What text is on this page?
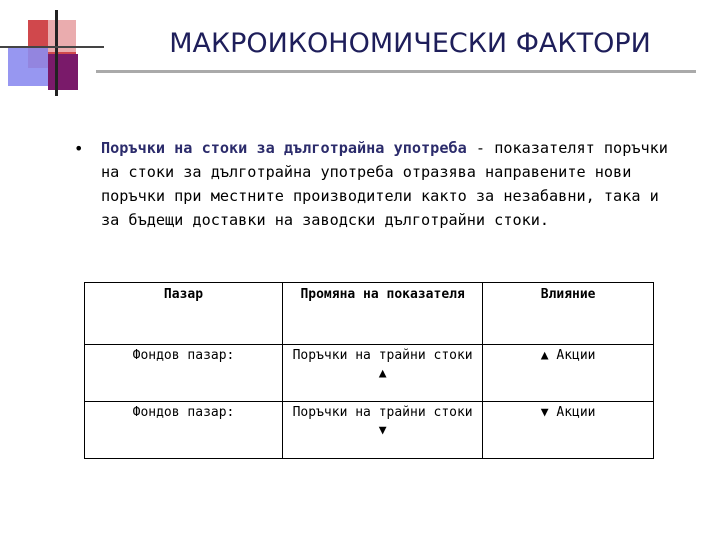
МАКРОИКОНОМИЧЕСКИ ФАКТОРИ
• Поръчки на стоки за дълготрайна употреба - показателят поръчки на стоки за дълготрайна употреба отразява направените нови поръчки при местните производители както за незабавни, така и за бъдещи доставки на заводски дълготрайни стоки.
Пазар	Промяна на показателя	Влияние
Фондов пазар:	Поръчки на трайни стоки ▲	▲ Акции
Фондов пазар:	Поръчки на трайни стоки ▼	▼ Акции
